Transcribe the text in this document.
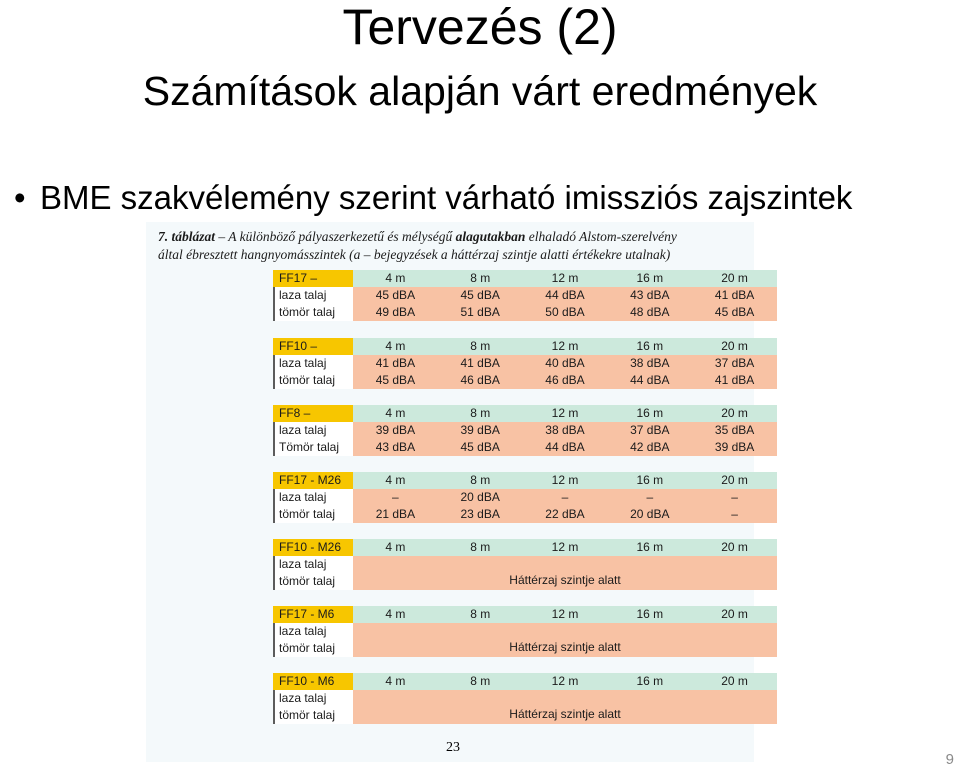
Tervezés (2)
Számítások alapján várt eredmények
• BME szakvélemény szerint várható imissziós zajszintek
7. táblázat – A különböző pályaszerkezetű és mélységű alagutakban elhaladó Alstom-szerelvény
által ébresztett hangnyomásszintek (a – bejegyzések a háttérzaj szintje alatti értékekre utalnak)
FF17 –	4 m	8 m	12 m	16 m	20 m
laza talaj	45 dBA	45 dBA	44 dBA	43 dBA	41 dBA
tömör talaj	49 dBA	51 dBA	50 dBA	48 dBA	45 dBA
FF10 –	4 m	8 m	12 m	16 m	20 m
laza talaj	41 dBA	41 dBA	40 dBA	38 dBA	37 dBA
tömör talaj	45 dBA	46 dBA	46 dBA	44 dBA	41 dBA
FF8 –	4 m	8 m	12 m	16 m	20 m
laza talaj	39 dBA	39 dBA	38 dBA	37 dBA	35 dBA
Tömör talaj	43 dBA	45 dBA	44 dBA	42 dBA	39 dBA
FF17 - M26	4 m	8 m	12 m	16 m	20 m
laza talaj	–	20 dBA	–	–	–
tömör talaj	21 dBA	23 dBA	22 dBA	20 dBA	–
FF10 - M26	4 m	8 m	12 m	16 m	20 m
laza talaj
tömör talaj	Háttérzaj szintje alatt
FF17 - M6	4 m	8 m	12 m	16 m	20 m
laza talaj
tömör talaj	Háttérzaj szintje alatt
FF10 - M6	4 m	8 m	12 m	16 m	20 m
laza talaj
tömör talaj	Háttérzaj szintje alatt
23
9
